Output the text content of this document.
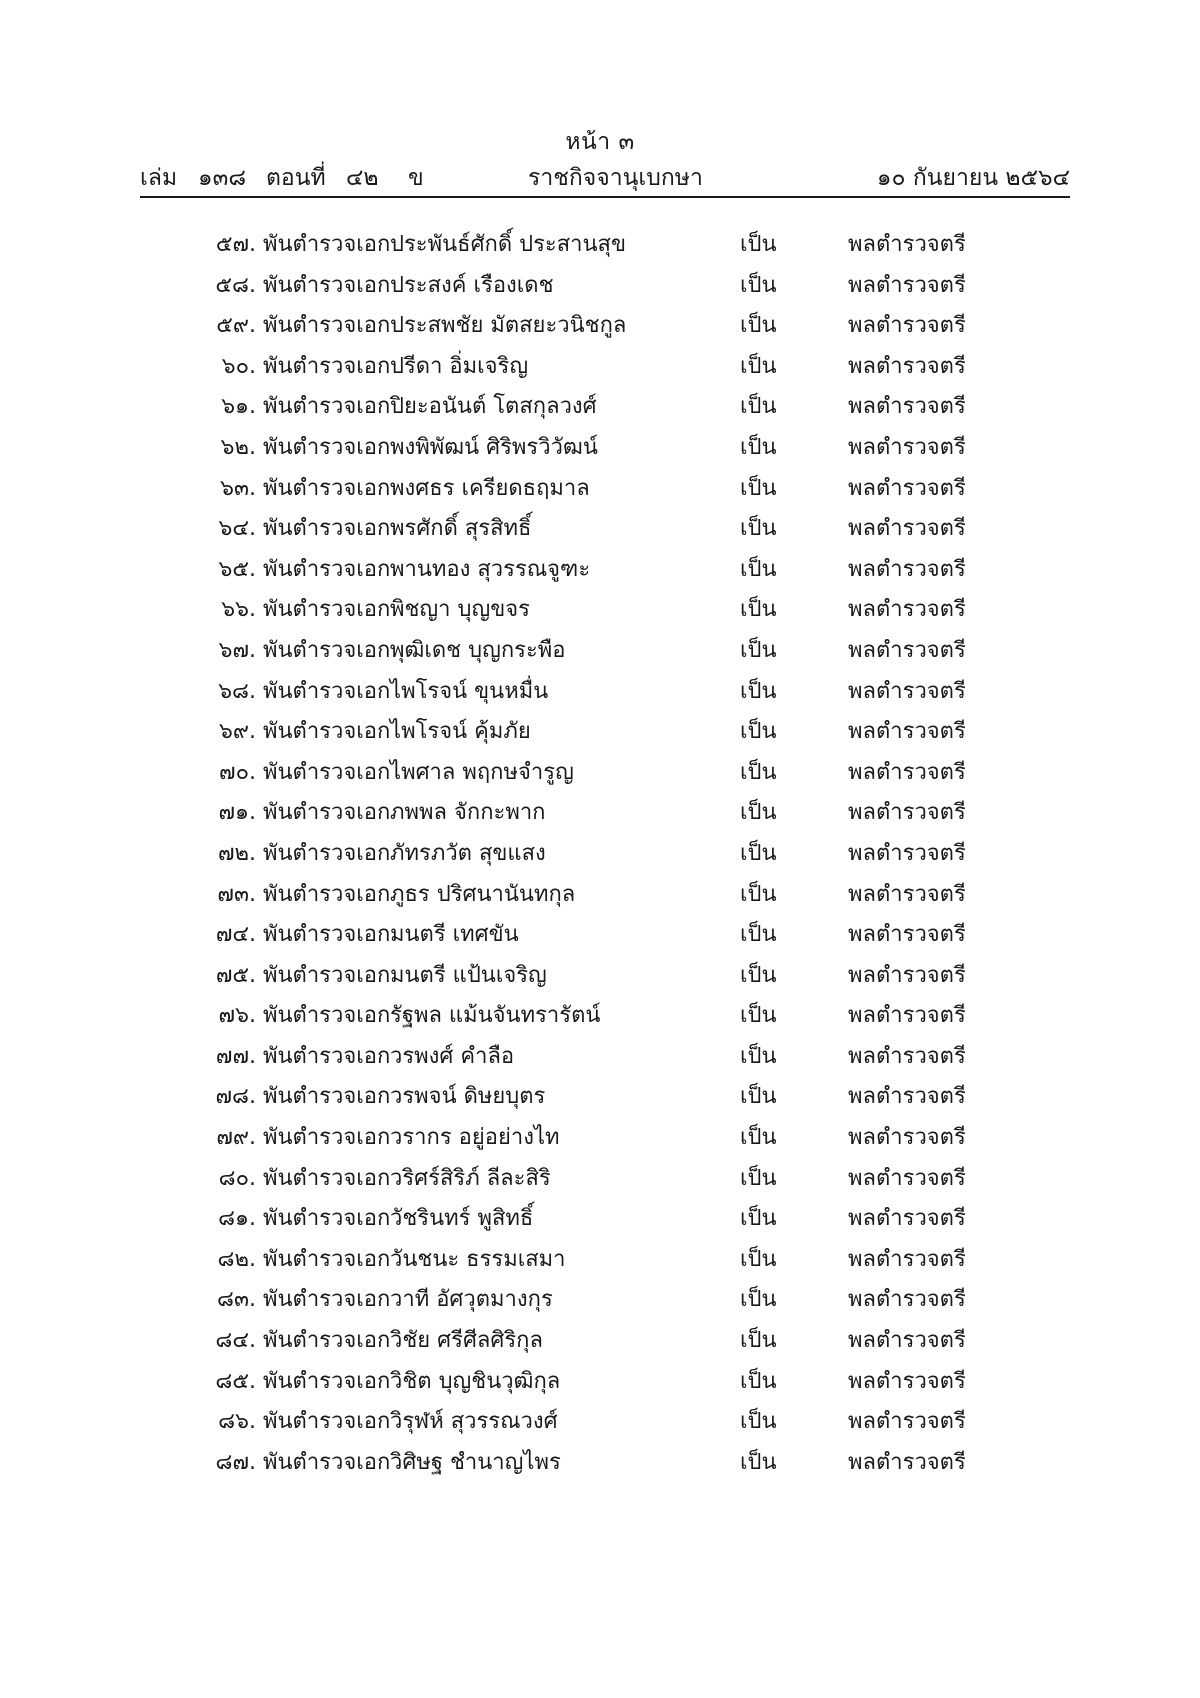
หน้า ๓
เล่ม ๑๓๘ ตอนที่ ๔๒ ข	ราชกิจจานุเบกษา	๑๐ กันยายน ๒๕๖๔
๕๗. พันตำรวจเอก ประพันธ์ศักดิ์ ประสานสุข	เป็น	พลตำรวจตรี
๕๘. พันตำรวจเอก ประสงค์ เรืองเดช	เป็น	พลตำรวจตรี
๕๙. พันตำรวจเอก ประสพชัย มัตสยะวนิชกูล	เป็น	พลตำรวจตรี
๖๐. พันตำรวจเอก ปรีดา อิ่มเจริญ	เป็น	พลตำรวจตรี
๖๑. พันตำรวจเอก ปิยะอนันต์ โตสกุลวงศ์	เป็น	พลตำรวจตรี
๖๒. พันตำรวจเอก พงพิพัฒน์ ศิริพรวิวัฒน์	เป็น	พลตำรวจตรี
๖๓. พันตำรวจเอก พงศธร เครียดธฤมาล	เป็น	พลตำรวจตรี
๖๔. พันตำรวจเอก พรศักดิ์ สุรสิทธิ์	เป็น	พลตำรวจตรี
๖๕. พันตำรวจเอก พานทอง สุวรรณจูฑะ	เป็น	พลตำรวจตรี
๖๖. พันตำรวจเอก พิชญา บุญขจร	เป็น	พลตำรวจตรี
๖๗. พันตำรวจเอก พุฒิเดช บุญกระพือ	เป็น	พลตำรวจตรี
๖๘. พันตำรวจเอก ไพโรจน์ ขุนหมื่น	เป็น	พลตำรวจตรี
๖๙. พันตำรวจเอก ไพโรจน์ คุ้มภัย	เป็น	พลตำรวจตรี
๗๐. พันตำรวจเอก ไพศาล พฤกษจำรูญ	เป็น	พลตำรวจตรี
๗๑. พันตำรวจเอก ภพพล จักกะพาก	เป็น	พลตำรวจตรี
๗๒. พันตำรวจเอก ภัทรภวัต สุขแสง	เป็น	พลตำรวจตรี
๗๓. พันตำรวจเอก ภูธร ปริศนานันทกุล	เป็น	พลตำรวจตรี
๗๔. พันตำรวจเอก มนตรี เทศขัน	เป็น	พลตำรวจตรี
๗๕. พันตำรวจเอก มนตรี แป้นเจริญ	เป็น	พลตำรวจตรี
๗๖. พันตำรวจเอก รัฐพล แม้นจันทรารัตน์	เป็น	พลตำรวจตรี
๗๗. พันตำรวจเอก วรพงศ์ คำลือ	เป็น	พลตำรวจตรี
๗๘. พันตำรวจเอก วรพจน์ ดิษยบุตร	เป็น	พลตำรวจตรี
๗๙. พันตำรวจเอก วรากร อยู่อย่างไท	เป็น	พลตำรวจตรี
๘๐. พันตำรวจเอก วริศร์สิริภ์ ลีละสิริ	เป็น	พลตำรวจตรี
๘๑. พันตำรวจเอก วัชรินทร์ พูสิทธิ์	เป็น	พลตำรวจตรี
๘๒. พันตำรวจเอก วันชนะ ธรรมเสมา	เป็น	พลตำรวจตรี
๘๓. พันตำรวจเอก วาที อัศวุตมางกุร	เป็น	พลตำรวจตรี
๘๔. พันตำรวจเอก วิชัย ศรีศีลศิริกุล	เป็น	พลตำรวจตรี
๘๕. พันตำรวจเอก วิชิต บุญชินวุฒิกุล	เป็น	พลตำรวจตรี
๘๖. พันตำรวจเอก วิรุฬห์ สุวรรณวงศ์	เป็น	พลตำรวจตรี
๘๗. พันตำรวจเอก วิศิษฐ ชำนาญไพร	เป็น	พลตำรวจตรี
